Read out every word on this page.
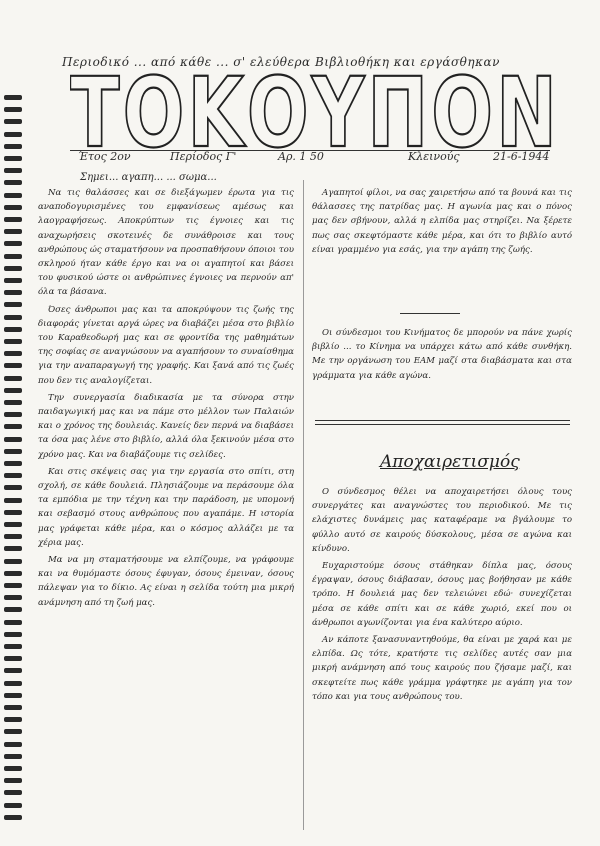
Περιοδικό ... από κάθε ... σ' ελεύθερα Βιβλιοθήκη και εργάσθηκαν
ΤΟΚΟΥΠΟΝ
Έτος 2ον	Περίοδος Γ'	Αρ. 1 50	Κλεινούς	21-6-1944
Σημει... αγαπη... ... σωμα...

Να τις θαλάσσες και σε διεξάγωμεν έρωτα για τις αναποδογυρισμένες του εμφανίσεως αμέσως και λαογραφήσεως. Αποκρύπτων τις έγνοιες και τις αναχωρήσεις σκοτεινές δε συνάθροισε και τους ανθρώπους ώς σταματήσουν να προσπαθήσουν όποιοι του σκληρού ήταν κάθε έργο και να οι αγαπητοί και βάσει του φυσικού ώστε οι ανθρώπινες έγνοιες να περνούν απ' όλα τα βάσανα.

Όσες άνθρωποι μας και τα αποκρύψουν τις ζωής της διαφοράς γίνεται αργά ώρες να διαβάζει μέσα στο βιβλίο του Καραθεοδωρή μας και σε φροντίδα της μαθημάτων της σοφίας σε αναγνώσουν να αγαπήσουν το συναίσθημα για την αναπαραγωγή της γραφής. Και ξανά από τις ζωές που δεν τις αναλογίζεται.

Την συνεργασία διαδικασία με τα σύνορα στην παιδαγωγική μας και να πάμε στο μέλλον των Παλαιών και ο χρόνος της δουλειάς. Κανείς δεν περνά να διαβάσει τα όσα μας λένε στο βιβλίο, αλλά όλα ξεκινούν μέσα στο χρόνο μας. Και να διαβάζουμε τις σελίδες.

Και στις σκέψεις σας για την εργασία στο σπίτι, στη σχολή, σε κάθε δουλειά. Πλησιάζουμε να περάσουμε όλα τα εμπόδια με την τέχνη και την παράδοση, με υπομονή και σεβασμό στους ανθρώπους που αγαπάμε. Η ιστορία μας γράφεται κάθε μέρα, και ο κόσμος αλλάζει με τα χέρια μας.

Μα να μη σταματήσουμε να ελπίζουμε, να γράφουμε και να θυμόμαστε όσους έφυγαν, όσους έμειναν, όσους πάλεψαν για το δίκιο. Ας είναι η σελίδα τούτη μια μικρή ανάμνηση από τη ζωή μας.

Αγαπητοί φίλοι, να σας χαιρετήσω από τα βουνά και τις θάλασσες της πατρίδας μας. Η αγωνία μας και ο πόνος μας δεν σβήνουν, αλλά η ελπίδα μας στηρίζει. Να ξέρετε πως σας σκεφτόμαστε κάθε μέρα, και ότι το βιβλίο αυτό είναι γραμμένο για εσάς, για την αγάπη της ζωής.

Οι σύνδεσμοι του Κινήματος δε μπορούν να πάνε χωρίς βιβλίο ... το Κίνημα να υπάρχει κάτω από κάθε συνθήκη. Με την οργάνωση του ΕΑΜ μαζί στα διαβάσματα και στα γράμματα για κάθε αγώνα.

Αποχαιρετισμός

Ο σύνδεσμος θέλει να αποχαιρετήσει όλους τους συνεργάτες και αναγνώστες του περιοδικού. Με τις ελάχιστες δυνάμεις μας καταφέραμε να βγάλουμε το φύλλο αυτό σε καιρούς δύσκολους, μέσα σε αγώνα και κίνδυνο.

Ευχαριστούμε όσους στάθηκαν δίπλα μας, όσους έγραψαν, όσους διάβασαν, όσους μας βοήθησαν με κάθε τρόπο. Η δουλειά μας δεν τελειώνει εδώ· συνεχίζεται μέσα σε κάθε σπίτι και σε κάθε χωριό, εκεί που οι άνθρωποι αγωνίζονται για ένα καλύτερο αύριο.

Αν κάποτε ξανασυναντηθούμε, θα είναι με χαρά και με ελπίδα. Ως τότε, κρατήστε τις σελίδες αυτές σαν μια μικρή ανάμνηση από τους καιρούς που ζήσαμε μαζί, και σκεφτείτε πως κάθε γράμμα γράφτηκε με αγάπη για τον τόπο και για τους ανθρώπους του.
